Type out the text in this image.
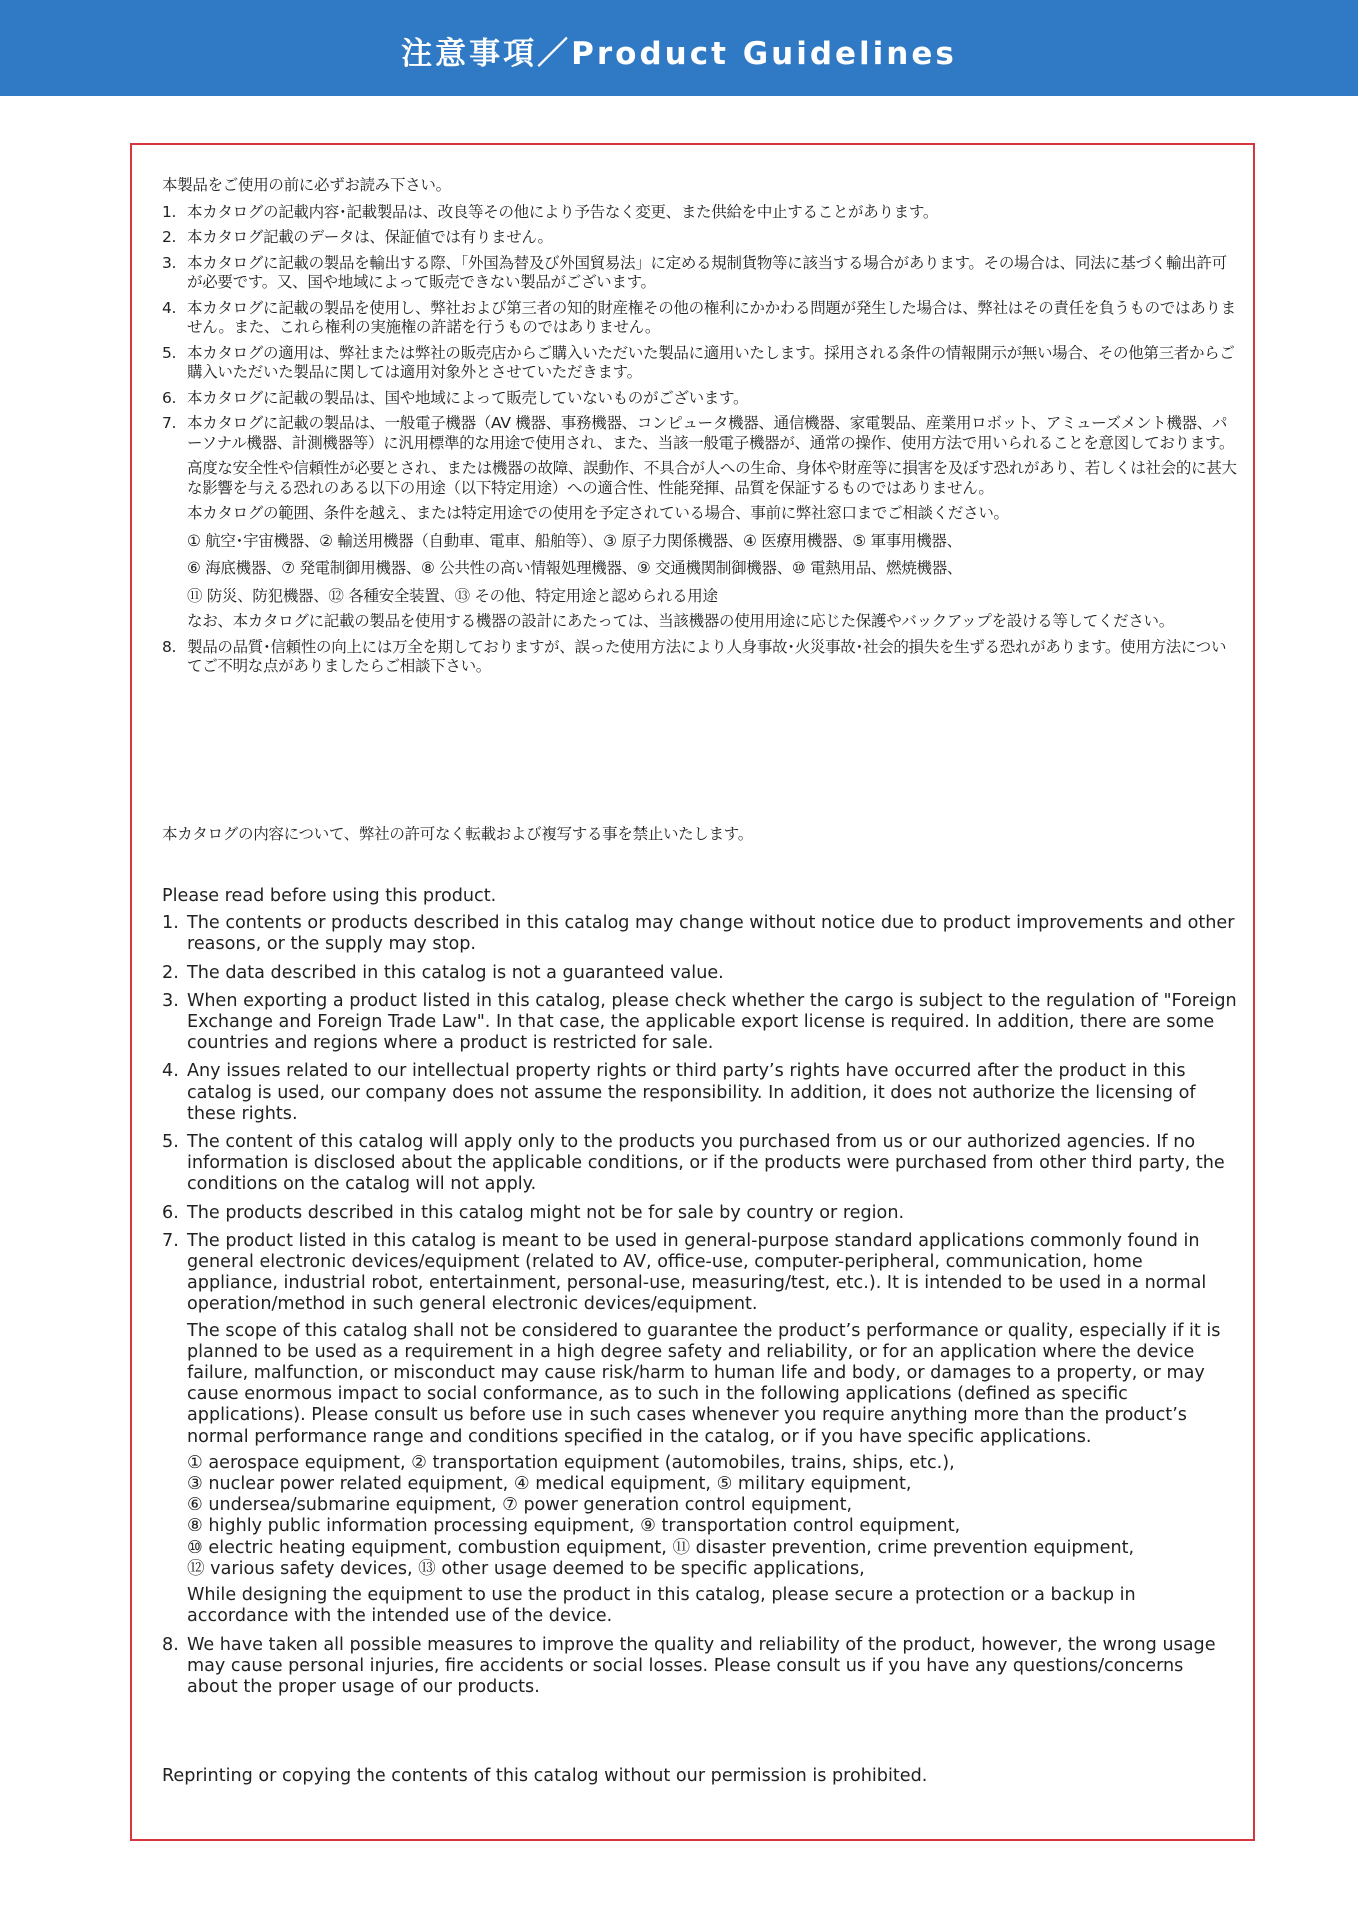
注意事項／Product Guidelines

本製品をご使用の前に必ずお読み下さい。

1. 本カタログの記載内容･記載製品は、改良等その他により予告なく変更、また供給を中止することがあります。
2. 本カタログ記載のデータは、保証値では有りません。
3. 本カタログに記載の製品を輸出する際、「外国為替及び外国貿易法」に定める規制貨物等に該当する場合があります。その場合は、同法に基づく輸出許可が必要です。又、国や地域によって販売できない製品がございます。
4. 本カタログに記載の製品を使用し、弊社および第三者の知的財産権その他の権利にかかわる問題が発生した場合は、弊社はその責任を負うものではありません。また、これら権利の実施権の許諾を行うものではありません。
5. 本カタログの適用は、弊社または弊社の販売店からご購入いただいた製品に適用いたします。採用される条件の情報開示が無い場合、その他第三者からご購入いただいた製品に関しては適用対象外とさせていただきます。
6. 本カタログに記載の製品は、国や地域によって販売していないものがございます。
7. 本カタログに記載の製品は、一般電子機器（AV 機器、事務機器、コンピュータ機器、通信機器、家電製品、産業用ロボット、アミューズメント機器、パーソナル機器、計測機器等）に汎用標準的な用途で使用され、また、当該一般電子機器が、通常の操作、使用方法で用いられることを意図しております。
高度な安全性や信頼性が必要とされ、または機器の故障、誤動作、不具合が人への生命、身体や財産等に損害を及ぼす恐れがあり、若しくは社会的に甚大な影響を与える恐れのある以下の用途（以下特定用途）への適合性、性能発揮、品質を保証するものではありません。
本カタログの範囲、条件を越え、または特定用途での使用を予定されている場合、事前に弊社窓口までご相談ください。
① 航空･宇宙機器、② 輸送用機器（自動車、電車、船舶等）、③ 原子力関係機器、④ 医療用機器、⑤ 軍事用機器、
⑥ 海底機器、⑦ 発電制御用機器、⑧ 公共性の高い情報処理機器、⑨ 交通機関制御機器、⑩ 電熱用品、燃焼機器、
⑪ 防災、防犯機器、⑫ 各種安全装置、⑬ その他、特定用途と認められる用途
なお、本カタログに記載の製品を使用する機器の設計にあたっては、当該機器の使用用途に応じた保護やバックアップを設ける等してください。
8. 製品の品質･信頼性の向上には万全を期しておりますが、誤った使用方法により人身事故･火災事故･社会的損失を生ずる恐れがあります。使用方法についてご不明な点がありましたらご相談下さい。

本カタログの内容について、弊社の許可なく転載および複写する事を禁止いたします。

Please read before using this product.

1. The contents or products described in this catalog may change without notice due to product improvements and other reasons, or the supply may stop.
2. The data described in this catalog is not a guaranteed value.
3. When exporting a product listed in this catalog, please check whether the cargo is subject to the regulation of "Foreign Exchange and Foreign Trade Law". In that case, the applicable export license is required. In addition, there are some countries and regions where a product is restricted for sale.
4. Any issues related to our intellectual property rights or third party’s rights have occurred after the product in this catalog is used, our company does not assume the responsibility. In addition, it does not authorize the licensing of these rights.
5. The content of this catalog will apply only to the products you purchased from us or our authorized agencies. If no information is disclosed about the applicable conditions, or if the products were purchased from other third party, the conditions on the catalog will not apply.
6. The products described in this catalog might not be for sale by country or region.
7. The product listed in this catalog is meant to be used in general-purpose standard applications commonly found in general electronic devices/equipment (related to AV, office-use, computer-peripheral, communication, home appliance, industrial robot, entertainment, personal-use, measuring/test, etc.). It is intended to be used in a normal operation/method in such general electronic devices/equipment.
The scope of this catalog shall not be considered to guarantee the product’s performance or quality, especially if it is planned to be used as a requirement in a high degree safety and reliability, or for an application where the device failure, malfunction, or misconduct may cause risk/harm to human life and body, or damages to a property, or may cause enormous impact to social conformance, as to such in the following applications (defined as specific applications). Please consult us before use in such cases whenever you require anything more than the product’s normal performance range and conditions specified in the catalog, or if you have specific applications.
① aerospace equipment, ② transportation equipment (automobiles, trains, ships, etc.),
③ nuclear power related equipment, ④ medical equipment, ⑤ military equipment,
⑥ undersea/submarine equipment, ⑦ power generation control equipment,
⑧ highly public information processing equipment, ⑨ transportation control equipment,
⑩ electric heating equipment, combustion equipment, ⑪ disaster prevention, crime prevention equipment,
⑫ various safety devices, ⑬ other usage deemed to be specific applications,
While designing the equipment to use the product in this catalog, please secure a protection or a backup in accordance with the intended use of the device.
8. We have taken all possible measures to improve the quality and reliability of the product, however, the wrong usage may cause personal injuries, fire accidents or social losses. Please consult us if you have any questions/concerns about the proper usage of our products.

Reprinting or copying the contents of this catalog without our permission is prohibited.
